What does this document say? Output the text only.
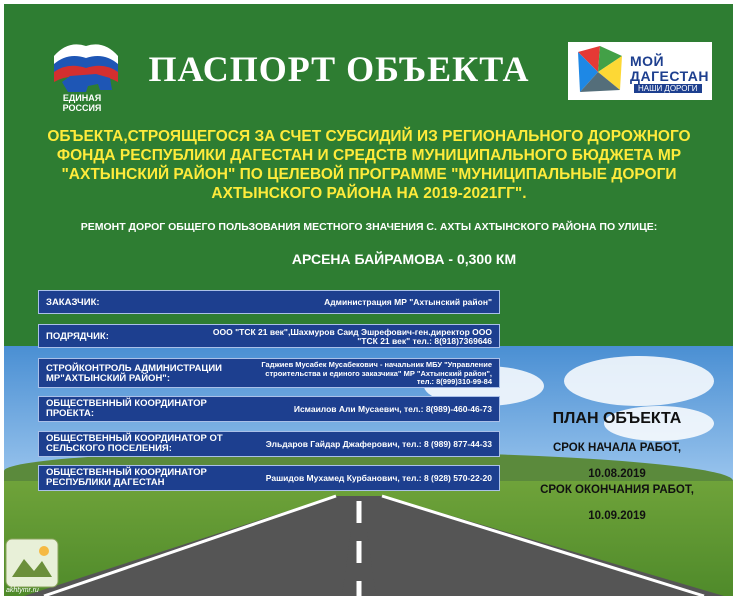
ЕДИНАЯ РОССИЯ
ПАСПОРТ ОБЪЕКТА	МОЙ
ДАГЕСТАН
НАШИ ДОРОГИ
ОБЪЕКТА,СТРОЯЩЕГОСЯ ЗА СЧЕТ СУБСИДИЙ ИЗ РЕГИОНАЛЬНОГО ДОРОЖНОГО ФОНДА РЕСПУБЛИКИ ДАГЕСТАН И СРЕДСТВ МУНИЦИПАЛЬНОГО БЮДЖЕТА МР "АХТЫНСКИЙ РАЙОН" ПО ЦЕЛЕВОЙ ПРОГРАММЕ "МУНИЦИПАЛЬНЫЕ ДОРОГИ АХТЫНСКОГО РАЙОНА НА 2019-2021ГГ".
РЕМОНТ ДОРОГ ОБЩЕГО ПОЛЬЗОВАНИЯ МЕСТНОГО ЗНАЧЕНИЯ С. АХТЫ АХТЫНСКОГО РАЙОНА ПО УЛИЦЕ:
АРСЕНА БАЙРАМОВА - 0,300 КМ
ЗАКАЗЧИК:	Администрация МР "Ахтынский район"
ПОДРЯДЧИК:	ООО "ТСК 21 век",Шахмуров Саид Эшрефович-ген.директор ООО "ТСК 21 век" тел.: 8(918)7369646
СТРОЙКОНТРОЛЬ АДМИНИСТРАЦИИ МР"АХТЫНСКИЙ РАЙОН":
Гаджиев Мусабек Мусабекович - начальник МБУ "Управление строительства и единого заказчика" МР "Ахтынский район", тел.: 8(999)310-99-84
ОБЩЕСТВЕННЫЙ КООРДИНАТОР ПРОЕКТА:	Исмаилов Али Мусаевич, тел.: 8(989)-460-46-73
ОБЩЕСТВЕННЫЙ КООРДИНАТОР ОТ СЕЛЬСКОГО ПОСЕЛЕНИЯ:	Эльдаров Гайдар Джаферович, тел.: 8 (989) 877-44-33
ОБЩЕСТВЕННЫЙ КООРДИНАТОР РЕСПУБЛИКИ ДАГЕСТАН	Рашидов Мухамед Курбанович, тел.: 8 (928) 570-22-20
ПЛАН ОБЪЕКТА
СРОК НАЧАЛА РАБОТ,
10.08.2019
СРОК ОКОНЧАНИЯ РАБОТ,
10.09.2019
akhtymr.ru
